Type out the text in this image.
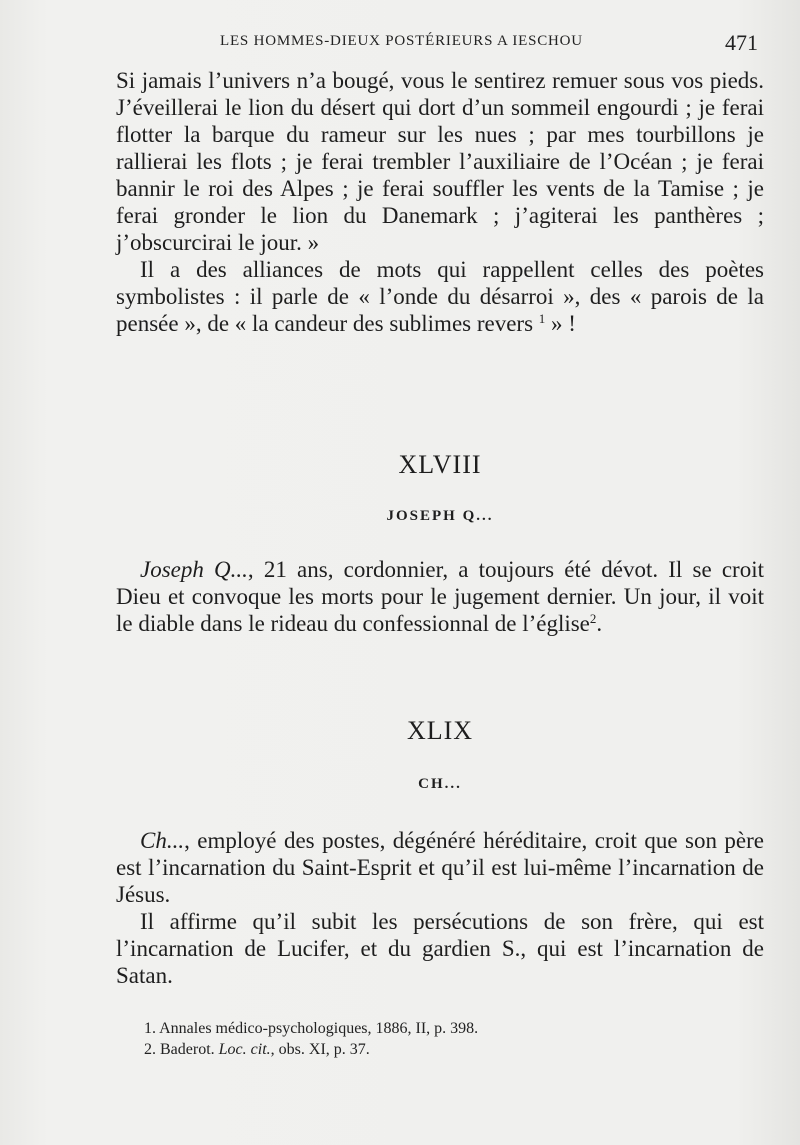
LES HOMMES-DIEUX POSTÉRIEURS A IESCHOU	471

Si jamais l’univers n’a bougé, vous le sentirez remuer sous vos pieds. J’éveillerai le lion du désert qui dort d’un sommeil engourdi ; je ferai flotter la barque du rameur sur les nues ; par mes tourbillons je rallierai les flots ; je ferai trembler l’auxiliaire de l’Océan ; je ferai bannir le roi des Alpes ; je ferai souffler les vents de la Tamise ; je ferai gronder le lion du Danemark ; j’agiterai les panthères ; j’obscurcirai le jour. »

Il a des alliances de mots qui rappellent celles des poètes symbolistes : il parle de « l’onde du désarroi », des « parois de la pensée », de « la candeur des sublimes revers $^1$ » !

XLVIII
JOSEPH Q...

Joseph Q..., 21 ans, cordonnier, a toujours été dévot. Il se croit Dieu et convoque les morts pour le jugement dernier. Un jour, il voit le diable dans le rideau du confessionnal de l’église$^2$.

XLIX
CH...

Ch..., employé des postes, dégénéré héréditaire, croit que son père est l’incarnation du Saint-Esprit et qu’il est lui-même l’incarnation de Jésus.

Il affirme qu’il subit les persécutions de son frère, qui est l’incarnation de Lucifer, et du gardien S., qui est l’incarnation de Satan.

1. Annales médico-psychologiques, 1886, II, p. 398.
2. Baderot. Loc. cit., obs. XI, p. 37.
